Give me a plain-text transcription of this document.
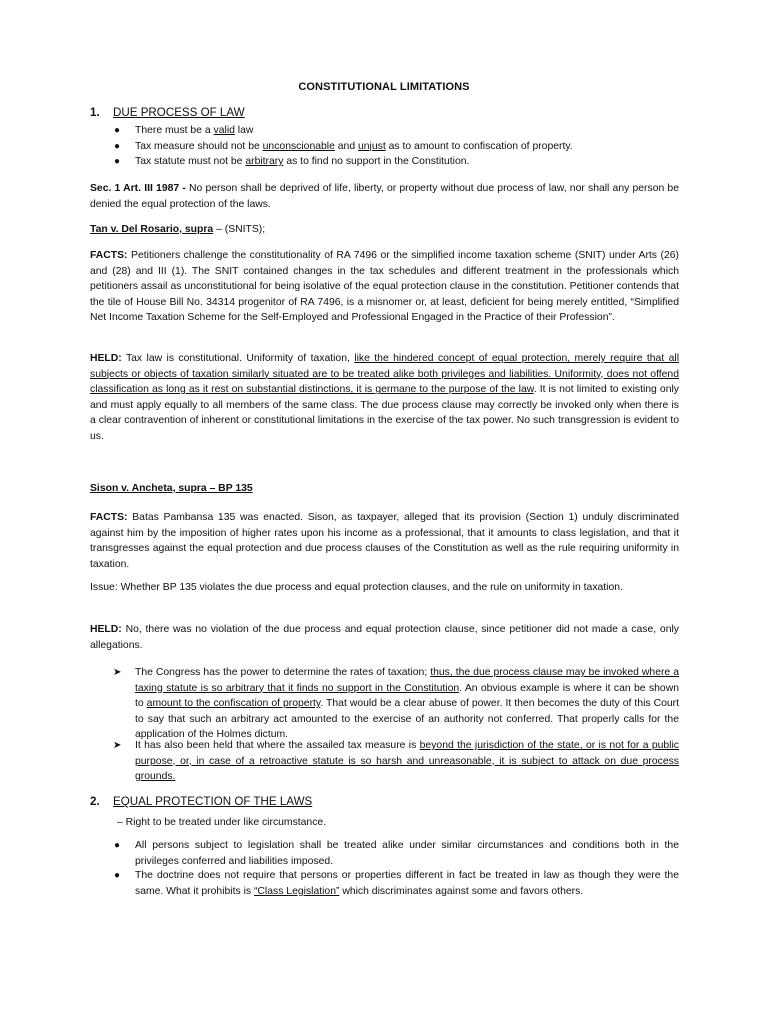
CONSTITUTIONAL LIMITATIONS
1. DUE PROCESS OF LAW
● There must be a valid law
● Tax measure should not be unconscionable and unjust as to amount to confiscation of property.
● Tax statute must not be arbitrary as to find no support in the Constitution.
Sec. 1 Art. III 1987 - No person shall be deprived of life, liberty, or property without due process of law, nor shall any person be denied the equal protection of the laws.
Tan v. Del Rosario, supra – (SNITS);
FACTS: Petitioners challenge the constitutionality of RA 7496 or the simplified income taxation scheme (SNIT) under Arts (26) and (28) and III (1). The SNIT contained changes in the tax schedules and different treatment in the professionals which petitioners assail as unconstitutional for being isolative of the equal protection clause in the constitution. Petitioner contends that the tile of House Bill No. 34314 progenitor of RA 7496, is a misnomer or, at least, deficient for being merely entitled, “Simplified Net Income Taxation Scheme for the Self-Employed and Professional Engaged in the Practice of their Profession”.
HELD: Tax law is constitutional. Uniformity of taxation, like the hindered concept of equal protection, merely require that all subjects or objects of taxation similarly situated are to be treated alike both privileges and liabilities. Uniformity, does not offend classification as long as it rest on substantial distinctions, it is germane to the purpose of the law. It is not limited to existing only and must apply equally to all members of the same class. The due process clause may correctly be invoked only when there is a clear contravention of inherent or constitutional limitations in the exercise of the tax power. No such transgression is evident to us.
Sison v. Ancheta, supra – BP 135
FACTS: Batas Pambansa 135 was enacted. Sison, as taxpayer, alleged that its provision (Section 1) unduly discriminated against him by the imposition of higher rates upon his income as a professional, that it amounts to class legislation, and that it transgresses against the equal protection and due process clauses of the Constitution as well as the rule requiring uniformity in taxation.
Issue: Whether BP 135 violates the due process and equal protection clauses, and the rule on uniformity in taxation.
HELD: No, there was no violation of the due process and equal protection clause, since petitioner did not made a case, only allegations.
➤ The Congress has the power to determine the rates of taxation; thus, the due process clause may be invoked where a taxing statute is so arbitrary that it finds no support in the Constitution. An obvious example is where it can be shown to amount to the confiscation of property. That would be a clear abuse of power. It then becomes the duty of this Court to say that such an arbitrary act amounted to the exercise of an authority not conferred. That properly calls for the application of the Holmes dictum.
➤ It has also been held that where the assailed tax measure is beyond the jurisdiction of the state, or is not for a public purpose, or, in case of a retroactive statute is so harsh and unreasonable, it is subject to attack on due process grounds.
2. EQUAL PROTECTION OF THE LAWS
– Right to be treated under like circumstance.
● All persons subject to legislation shall be treated alike under similar circumstances and conditions both in the privileges conferred and liabilities imposed.
● The doctrine does not require that persons or properties different in fact be treated in law as though they were the same. What it prohibits is “Class Legislation” which discriminates against some and favors others.
